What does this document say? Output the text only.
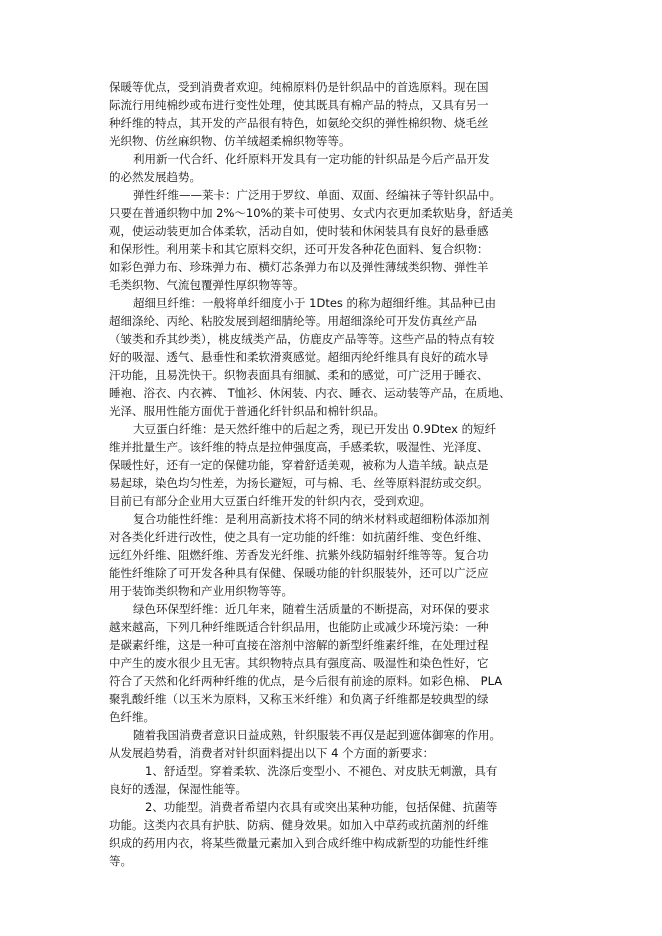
保暖等优点，受到消费者欢迎。纯棉原料仍是针织品中的首选原料。现在国
际流行用纯棉纱或布进行变性处理，使其既具有棉产品的特点，又具有另一
种纤维的特点，其开发的产品很有特色，如氨纶交织的弹性棉织物、烧毛丝
光织物、仿丝麻织物、仿羊绒超柔棉织物等等。
利用新一代合纤、化纤原料开发具有一定功能的针织品是今后产品开发
的必然发展趋势。
弹性纤维——莱卡：广泛用于罗纹、单面、双面、经编袜子等针织品中。
只要在普通织物中加 2%～10%的莱卡可使男、女式内衣更加柔软贴身，舒适美
观，使运动装更加合体柔软，活动自如，使时装和休闲装具有良好的悬垂感
和保形性。利用莱卡和其它原料交织，还可开发各种花色面料、复合织物：
如彩色弹力布、珍珠弹力布、横灯芯条弹力布以及弹性薄绒类织物、弹性羊
毛类织物、气流包覆弹性厚织物等等。
超细旦纤维：一般将单纤细度小于 1Dtes 的称为超细纤维。其品种已由
超细涤纶、丙纶、粘胶发展到超细腈纶等。用超细涤纶可开发仿真丝产品
（皱类和乔其纱类），桃皮绒类产品，仿鹿皮产品等等。这些产品的特点有较
好的吸湿、透气、悬垂性和柔软滑爽感觉。超细丙纶纤维具有良好的疏水导
汗功能，且易洗快干。织物表面具有细腻、柔和的感觉，可广泛用于睡衣、
睡袍、浴衣、内衣裤、 T恤衫、休闲装、内衣、睡衣、运动装等产品，在质地、
光泽、服用性能方面优于普通化纤针织品和棉针织品。
大豆蛋白纤维：是天然纤维中的后起之秀，现已开发出 0.9Dtex 的短纤
维并批量生产。该纤维的特点是拉伸强度高，手感柔软，吸湿性、光泽度、
保暖性好，还有一定的保健功能，穿着舒适美观，被称为人造羊绒。缺点是
易起球，染色均匀性差，为扬长避短，可与棉、毛、丝等原料混纺或交织。
目前已有部分企业用大豆蛋白纤维开发的针织内衣，受到欢迎。
复合功能性纤维：是利用高新技术将不同的纳米材料或超细粉体添加剂
对各类化纤进行改性，使之具有一定功能的纤维：如抗菌纤维、变色纤维、
远红外纤维、阻燃纤维、芳香发光纤维、抗紫外线防辐射纤维等等。复合功
能性纤维除了可开发各种具有保健、保暖功能的针织服装外，还可以广泛应
用于装饰类织物和产业用织物等等。
绿色环保型纤维：近几年来，随着生活质量的不断提高，对环保的要求
越来越高，下列几种纤维既适合针织品用，也能防止或减少环境污染：一种
是碳素纤维，这是一种可直接在溶剂中溶解的新型纤维素纤维，在处理过程
中产生的废水很少且无害。其织物特点具有强度高、吸湿性和染色性好，它
符合了天然和化纤两种纤维的优点，是今后很有前途的原料。如彩色棉、 PLA
聚乳酸纤维（以玉米为原料，又称玉米纤维）和负离子纤维都是较典型的绿
色纤维。
随着我国消费者意识日益成熟，针织服装不再仅是起到遮体御寒的作用。
从发展趋势看，消费者对针织面料提出以下 4 个方面的新要求：
1、舒适型。穿着柔软、洗涤后变型小、不褪色、对皮肤无刺激，具有
良好的透湿，保湿性能等。
2、功能型。消费者希望内衣具有或突出某种功能，包括保健、抗菌等
功能。这类内衣具有护肤、防病、健身效果。如加入中草药或抗菌剂的纤维
织成的药用内衣，将某些微量元素加入到合成纤维中构成新型的功能性纤维
等。
